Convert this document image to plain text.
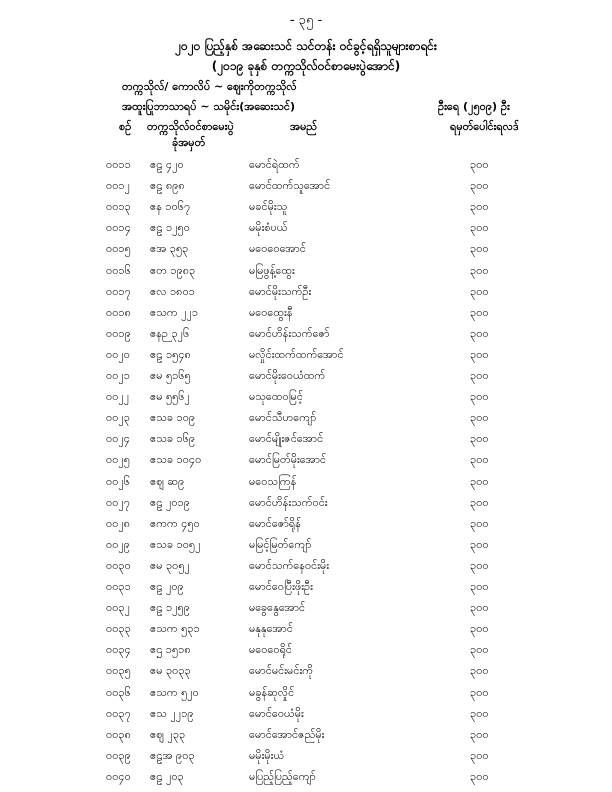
- ၃၅ -
၂၀၂၀ ပြည့်နှစ် အဆေးသင် သင်တန်း ဝင်ခွင့်ရရှိသူများစာရင်း
(၂၀၁၉ ခုနှစ် တက္ကသိုလ်ဝင်စာမေးပွဲအောင်)
တက္ကသိုလ်/ ကောလိပ် ~ ဈေးကိုတက္ကသိုလ်
အထူးပြုဘာသာရပ် ~ သမိုင်း(အဆေးသင်)	ဦးရေ (၂၅၀၉) ဦး
စဉ် တက္ကသိုလ်ဝင်စာမေးပွဲ
ခုံအမှတ်
အမည်	ရမှတ်ပေါင်းရလဒ်
၀၀၁၁ ဧဠ ၄၂၀	မောင်ရဲထက်	၃၀၀
၀၀၁၂ ဧဠ ၈၉၈	မောင်ထက်သူအောင်	၃၀၀
၀၀၁၃ ဧန ၁၀၆၇	မခင်မိုးသူ	၃၀၀
၀၀၁၄ ဧဠ ၁၂၅၀	မမိုးစံပယ်	၃၀၀
၀၀၁၅ ဧအ ၃၅၃	မဝေဝေအောင်	၃၀၀
၀၀၁၆ ဧတ ၁၉၈၃	မမြဖွန့်ထွေး	၃၀၀
၀၀၁၇ ဧလ ၁၈၀၁	မောင်မိုးသက်ဦး	၃၀၀
၀၀၁၈ ဧသက ၂၂၁	မဝေထွေးနီ	၃၀၀
၀၀၁၉ ဧနဉ ၃၂၆	မောင်ဟိန်းသက်ဇော်	၃၀၀
၀၀၂၀ ဧဠ ၁၅၄၈	မလှိုင်းထက်ထက်အောင်	၃၀၀
၀၀၂၁ ဧမ ၅၁၆၅	မောင်မိုးဝေယံထက်	၃၀၀
၀၀၂၂ ဧမ ၅၅၆၂	မသုထေဝမြင့်	၃၀၀
၀၀၂၃ ဧသခ ၁၀၉	မောင်သီဟကျော်	၃၀၀
၀၀၂၄ ဧသခ ၁၆၉	မောင်မျိုးဇင်အောင်	၃၀၀
၀၀၂၅ ဧသခ ၁၀၄၀	မောင်မြတ်မိုးအောင်	၃၀၀
၀၀၂၆ ဧဈ ဆ၉	မဝေသကြန်	၃၀၀
၀၀၂၇ ဧဠ ၂၀၁၉	မောင်ဟိန်းသက်ဝင်း	၃၀၀
၀၀၂၈ ဧကက ၄၅၀	မောင်ဇော်ရိုန်	၃၀၀
၀၀၂၉ ဧသခ ၁၀၅၂	မမြင့်မြတ်ကျော်	၃၀၀
၀၀၃၀ ဧမ ၃၀၅၂	မောင်သက်နေဝင်းမိုး	၃၀၀
၀၀၃၁ ဧဠ ၂၀၉	မောင်ဝေပြီးဖိုးဦး	၃၀၀
၀၀၃၂ ဧဠ ၁၂၅၉	မခွေနွေအောင်	၃၀၀
၀၀၃၃ ဧသက ၅၃၁	မနုနုအောင်	၃၀၀
၀၀၃၄ ဧဌ ၁၅၁၈	မဝေဝေရိုင်	၃၀၀
၀၀၃၅ ဧမ ၃၀၃၃	မောင်မင်းမင်းကို	၃၀၀
၀၀၃၆ ဧသက ၅၂၀	မခွန်ဆုလှိုင်	၃၀၀
၀၀၃၇ ဧသ ၂၂၁၉	မောင်ဝေယံမိုး	၃၀၀
၀၀၃၈ ဧဈ ၂၃၃	မောင်အောင်ဇည်မိုး	၃၀၀
၀၀၃၉ ဧဠအ ၉၀၃	မမိုးမိုးယံ	၃၀၀
၀၀၄၀ ဧဠ ၂၀၃	မပြည့်ပြည့်ကျော်	၃၀၀
